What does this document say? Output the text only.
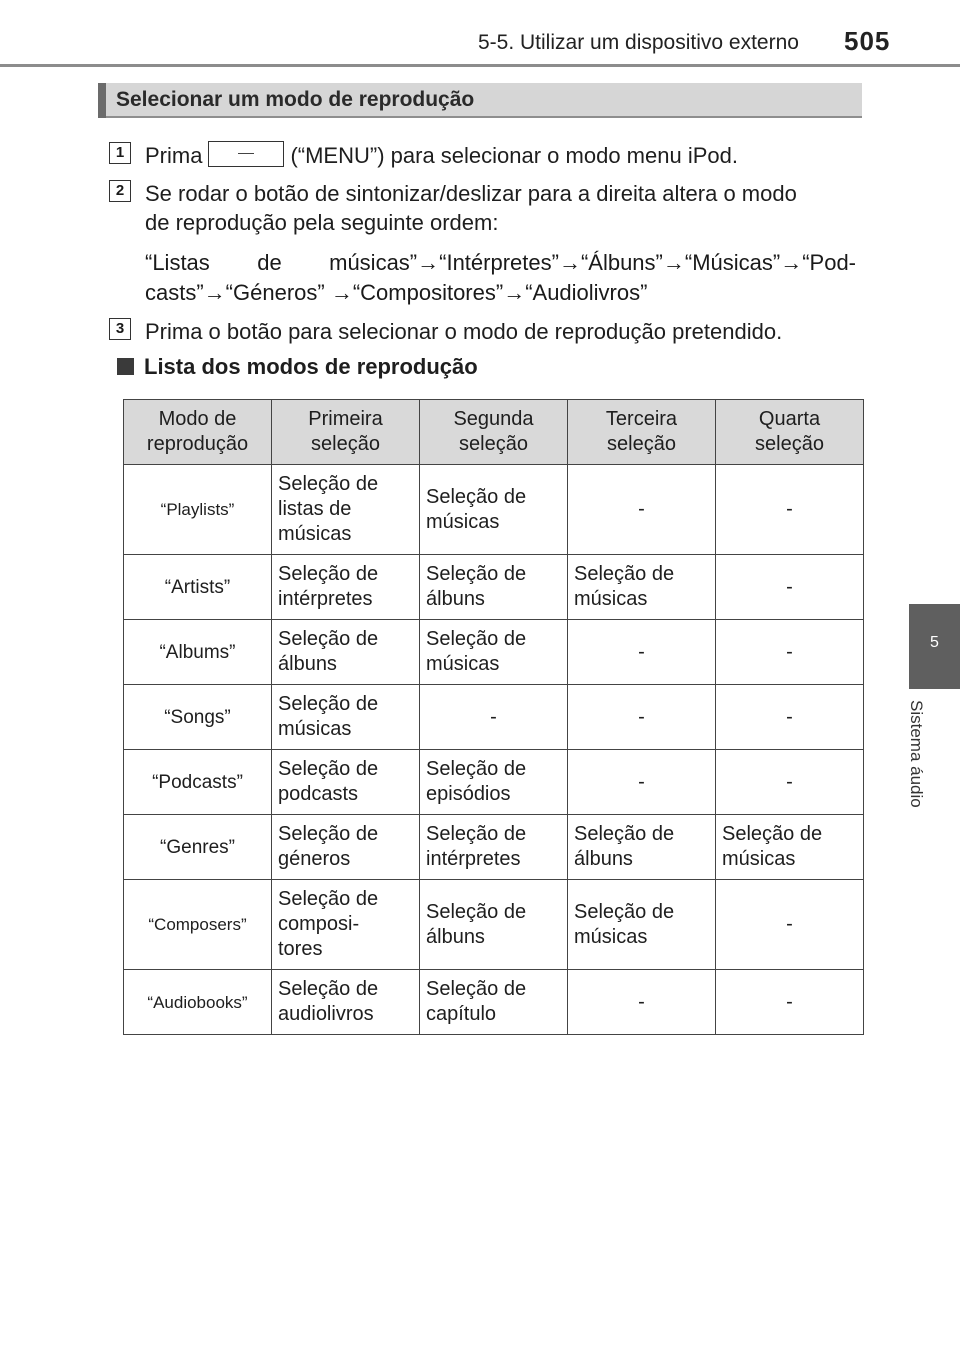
5-5. Utilizar um dispositivo externo 505
5
Sistema áudio
Selecionar um modo de reprodução
1 Prima	(“MENU”) para selecionar o modo menu iPod.
2 Se rodar o botão de sintonizar/deslizar para a direita altera o modo
de reprodução pela seguinte ordem:
“Listas de músicas”→“Intérpretes”→“Álbuns”→“Músicas”→“Pod-
casts”→“Géneros” →“Compositores”→“Audiolivros”
3 Prima o botão para selecionar o modo de reprodução pretendido.
Lista dos modos de reprodução
Modo de
reprodução	Primeira
seleção	Segunda
seleção	Terceira
seleção	Quarta
seleção
“Playlists”	Seleção de
listas de
músicas	Seleção de
músicas	-	-
“Artists”	Seleção de
intérpretes	Seleção de
álbuns	Seleção de
músicas	-
“Albums”	Seleção de
álbuns	Seleção de
músicas	-	-
“Songs”	Seleção de
músicas	-	-	-
“Podcasts”	Seleção de
podcasts	Seleção de
episódios	-	-
“Genres”	Seleção de
géneros	Seleção de
intérpretes	Seleção de
álbuns	Seleção de
músicas
“Composers”	Seleção de
composi-
tores	Seleção de
álbuns	Seleção de
músicas	-
“Audiobooks”	Seleção de
audiolivros	Seleção de
capítulo	-	-
